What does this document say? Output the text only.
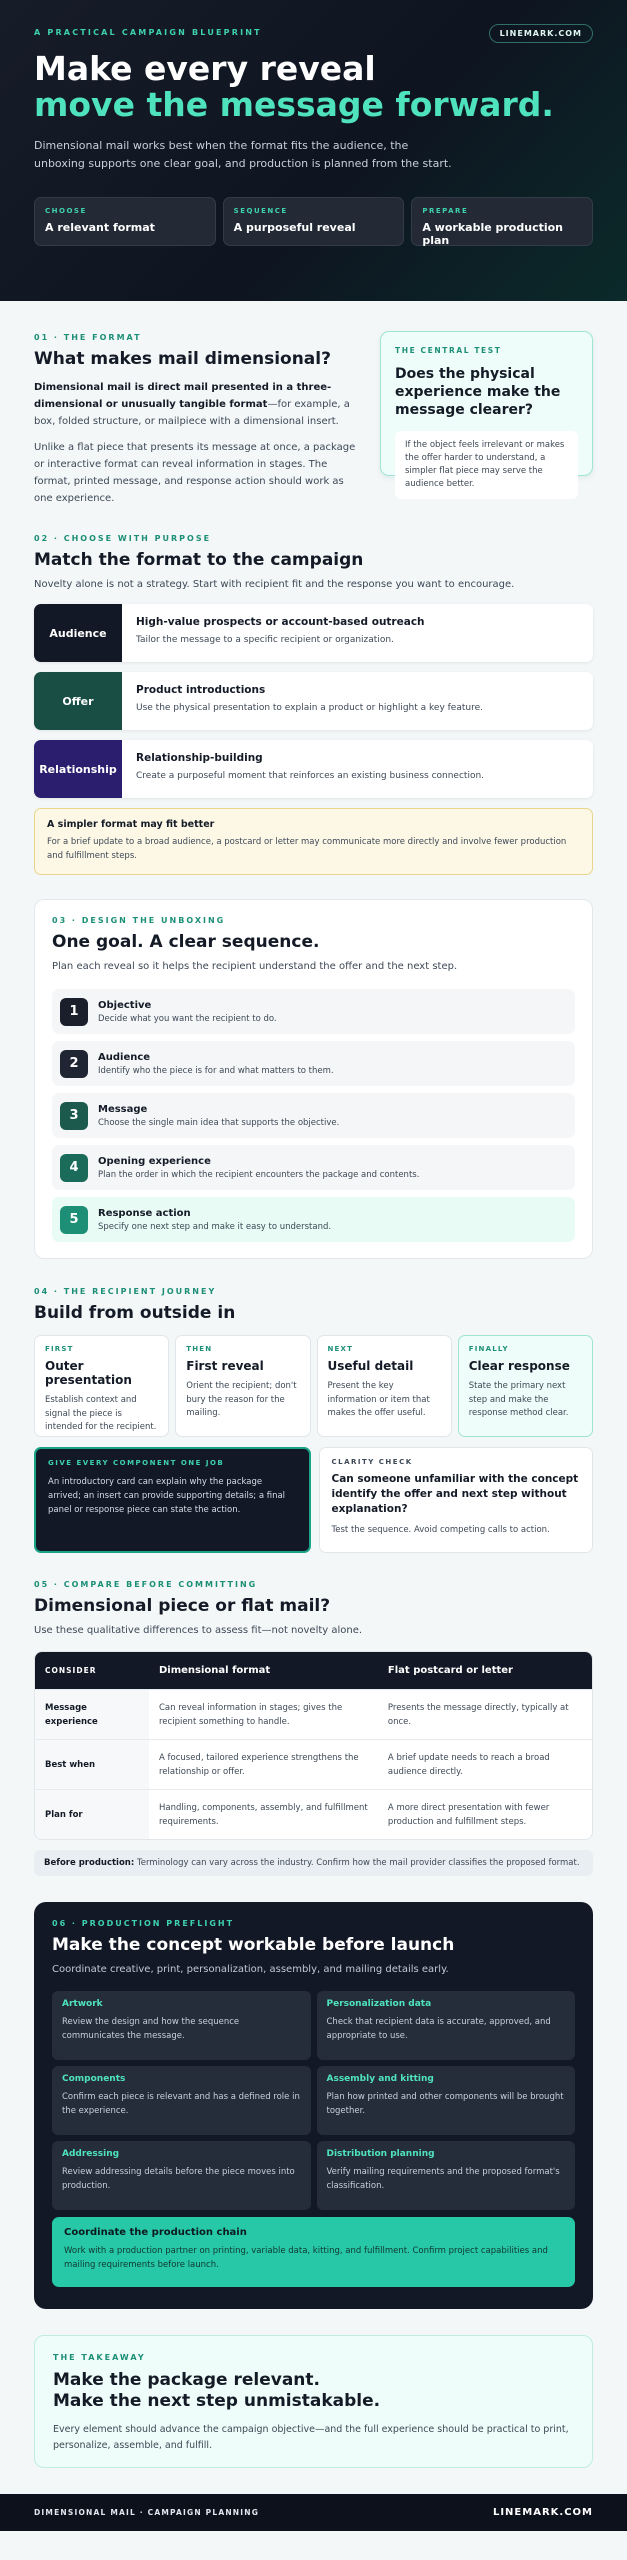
A PRACTICAL CAMPAIGN BLUEPRINT	LINEMARK.COM
Make every reveal
move the message forward.

Dimensional mail works best when the format fits the audience, the unboxing supports one clear goal, and production is planned from the start.

CHOOSE
A relevant format
SEQUENCE
A purposeful reveal
PREPARE
A workable production plan
01 · THE FORMAT
What makes mail dimensional?

Dimensional mail is direct mail presented in a three-dimensional or unusually tangible format—for example, a box, folded structure, or mailpiece with a dimensional insert.

Unlike a flat piece that presents its message at once, a package or interactive format can reveal information in stages. The format, printed message, and response action should work as one experience.

THE CENTRAL TEST
Does the physical experience make the message clearer?
If the object feels irrelevant or makes the offer harder to understand, a simpler flat piece may serve the audience better.
02 · CHOOSE WITH PURPOSE
Match the format to the campaign

Novelty alone is not a strategy. Start with recipient fit and the response you want to encourage.

Audience
High-value prospects or account-based outreach
Tailor the message to a specific recipient or organization.
Offer
Product introductions
Use the physical presentation to explain a product or highlight a key feature.
Relationship
Relationship-building
Create a purposeful moment that reinforces an existing business connection.
A simpler format may fit better
For a brief update to a broad audience, a postcard or letter may communicate more directly and involve fewer production and fulfillment steps.
03 · DESIGN THE UNBOXING
One goal. A clear sequence.

Plan each reveal so it helps the recipient understand the offer and the next step.

1	Objective
Decide what you want the recipient to do.
2	Audience
Identify who the piece is for and what matters to them.
3	Message
Choose the single main idea that supports the objective.
4	Opening experience
Plan the order in which the recipient encounters the package and contents.
5	Response action
Specify one next step and make it easy to understand.
04 · THE RECIPIENT JOURNEY
Build from outside in
FIRST
Outer presentation
Establish context and signal the piece is intended for the recipient.
THEN
First reveal
Orient the recipient; don't bury the reason for the mailing.
NEXT
Useful detail
Present the key information or item that makes the offer useful.
FINALLY
Clear response
State the primary next step and make the response method clear.
GIVE EVERY COMPONENT ONE JOB
An introductory card can explain why the package arrived; an insert can provide supporting details; a final panel or response piece can state the action.
CLARITY CHECK
Can someone unfamiliar with the concept identify the offer and next step without explanation?
Test the sequence. Avoid competing calls to action.
05 · COMPARE BEFORE COMMITTING
Dimensional piece or flat mail?

Use these qualitative differences to assess fit—not novelty alone.

CONSIDER	Dimensional format	Flat postcard or letter
Message experience	Can reveal information in stages; gives the recipient something to handle.	Presents the message directly, typically at once.
Best when	A focused, tailored experience strengthens the relationship or offer.	A brief update needs to reach a broad audience directly.
Plan for	Handling, components, assembly, and fulfillment requirements.	A more direct presentation with fewer production and fulfillment steps.
Before production: Terminology can vary across the industry. Confirm how the mail provider classifies the proposed format.
06 · PRODUCTION PREFLIGHT
Make the concept workable before launch

Coordinate creative, print, personalization, assembly, and mailing details early.

Artwork
Review the design and how the sequence communicates the message.
Personalization data
Check that recipient data is accurate, approved, and appropriate to use.
Components
Confirm each piece is relevant and has a defined role in the experience.
Assembly and kitting
Plan how printed and other components will be brought together.
Addressing
Review addressing details before the piece moves into production.
Distribution planning
Verify mailing requirements and the proposed format's classification.
Coordinate the production chain
Work with a production partner on printing, variable data, kitting, and fulfillment. Confirm project capabilities and mailing requirements before launch.
THE TAKEAWAY
Make the package relevant.
Make the next step unmistakable.
Every element should advance the campaign objective—and the full experience should be practical to print, personalize, assemble, and fulfill.
DIMENSIONAL MAIL · CAMPAIGN PLANNING	LINEMARK.COM
